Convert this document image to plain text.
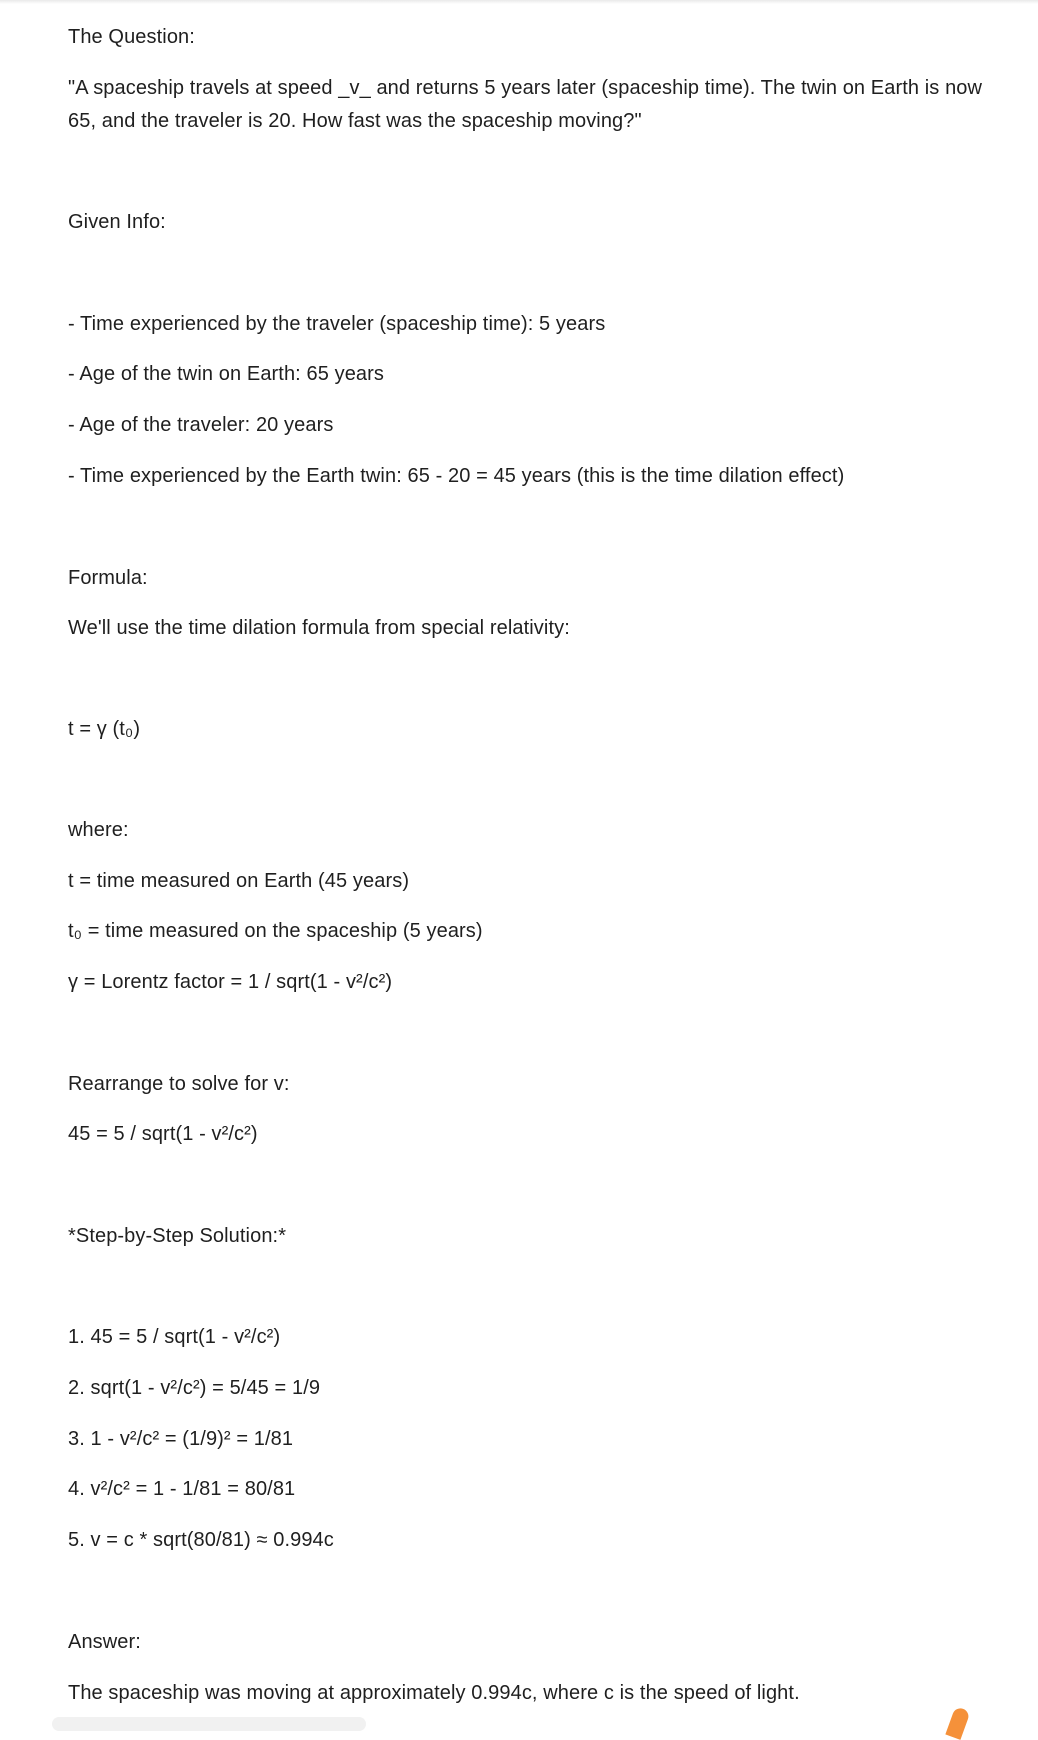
The Question:
"A spaceship travels at speed _v_ and returns 5 years later (spaceship time). The twin on Earth is now 65, and the traveler is 20. How fast was the spaceship moving?"
Given Info:
- Time experienced by the traveler (spaceship time): 5 years
- Age of the twin on Earth: 65 years
- Age of the traveler: 20 years
- Time experienced by the Earth twin: 65 - 20 = 45 years (this is the time dilation effect)
Formula:
We'll use the time dilation formula from special relativity:
t = γ (t₀)
where:
t = time measured on Earth (45 years)
t₀ = time measured on the spaceship (5 years)
γ = Lorentz factor = 1 / sqrt(1 - v²/c²)
Rearrange to solve for v:
45 = 5 / sqrt(1 - v²/c²)
*Step-by-Step Solution:*
1. 45 = 5 / sqrt(1 - v²/c²)
2. sqrt(1 - v²/c²) = 5/45 = 1/9
3. 1 - v²/c² = (1/9)² = 1/81
4. v²/c² = 1 - 1/81 = 80/81
5. v = c * sqrt(80/81) ≈ 0.994c
Answer:
The spaceship was moving at approximately 0.994c, where c is the speed of light.
